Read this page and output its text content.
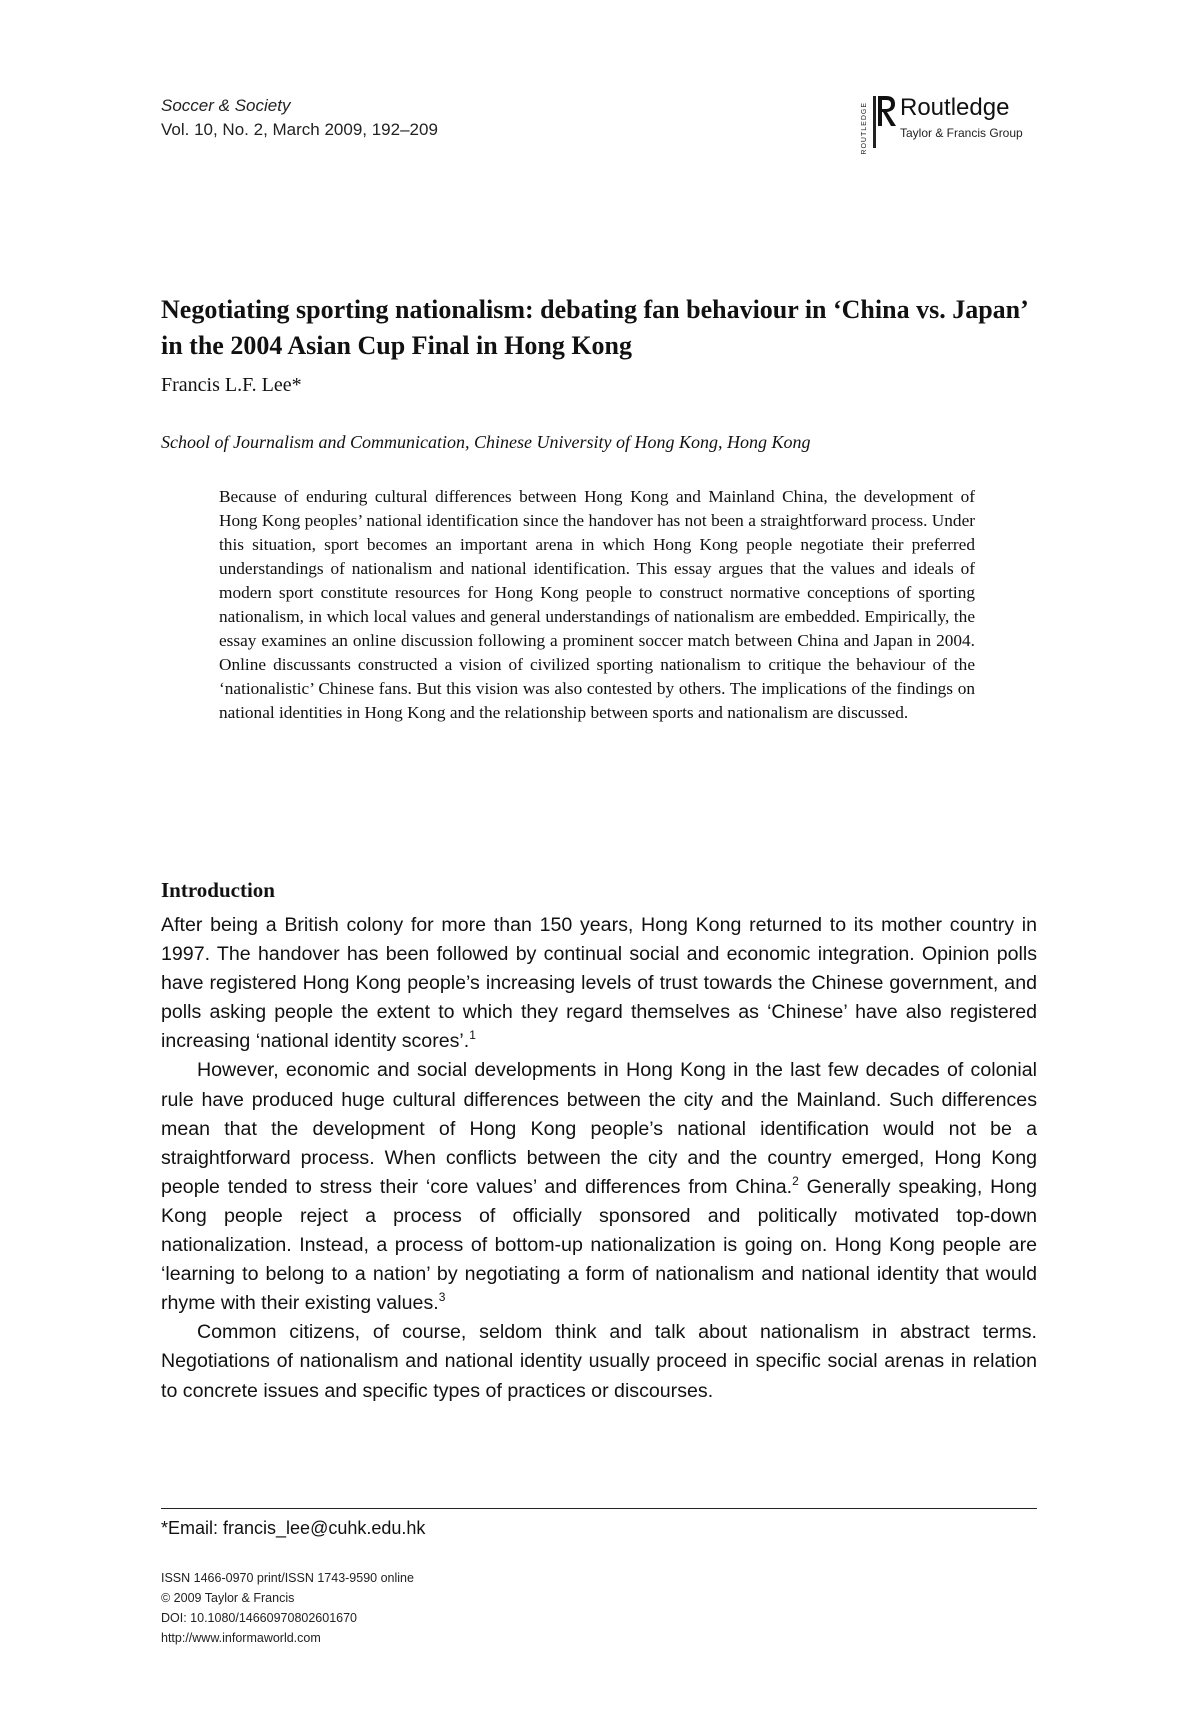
Soccer & Society
Vol. 10, No. 2, March 2009, 192–209	ROUTLEDGE Routledge
Taylor & Francis Group
Negotiating sporting nationalism: debating fan behaviour in ‘China vs. Japan’ in the 2004 Asian Cup Final in Hong Kong
Francis L.F. Lee*
School of Journalism and Communication, Chinese University of Hong Kong, Hong Kong

Because of enduring cultural differences between Hong Kong and Mainland China, the development of Hong Kong peoples’ national identification since the handover has not been a straightforward process. Under this situation, sport becomes an important arena in which Hong Kong people negotiate their preferred understandings of nationalism and national identification. This essay argues that the values and ideals of modern sport constitute resources for Hong Kong people to construct normative conceptions of sporting nationalism, in which local values and general understandings of nationalism are embedded. Empirically, the essay examines an online discussion following a prominent soccer match between China and Japan in 2004. Online discussants constructed a vision of civilized sporting nationalism to critique the behaviour of the ‘nationalistic’ Chinese fans. But this vision was also contested by others. The implications of the findings on national identities in Hong Kong and the relationship between sports and nationalism are discussed.

Introduction

After being a British colony for more than 150 years, Hong Kong returned to its mother country in 1997. The handover has been followed by continual social and economic integration. Opinion polls have registered Hong Kong people’s increasing levels of trust towards the Chinese government, and polls asking people the extent to which they regard themselves as ‘Chinese’ have also registered increasing ‘national identity scores’.$^1$

However, economic and social developments in Hong Kong in the last few decades of colonial rule have produced huge cultural differences between the city and the Mainland. Such differences mean that the development of Hong Kong people’s national identification would not be a straightforward process. When conflicts between the city and the country emerged, Hong Kong people tended to stress their ‘core values’ and differences from China.$^2$ Generally speaking, Hong Kong people reject a process of officially sponsored and politically motivated top-down nationalization. Instead, a process of bottom-up nationalization is going on. Hong Kong people are ‘learning to belong to a nation’ by negotiating a form of nationalism and national identity that would rhyme with their existing values.$^3$

Common citizens, of course, seldom think and talk about nationalism in abstract terms. Negotiations of nationalism and national identity usually proceed in specific social arenas in relation to concrete issues and specific types of practices or discourses.

*Email: francis_lee@cuhk.edu.hk
ISSN 1466-0970 print/ISSN 1743-9590 online
© 2009 Taylor & Francis
DOI: 10.1080/14660970802601670
http://www.informaworld.com
